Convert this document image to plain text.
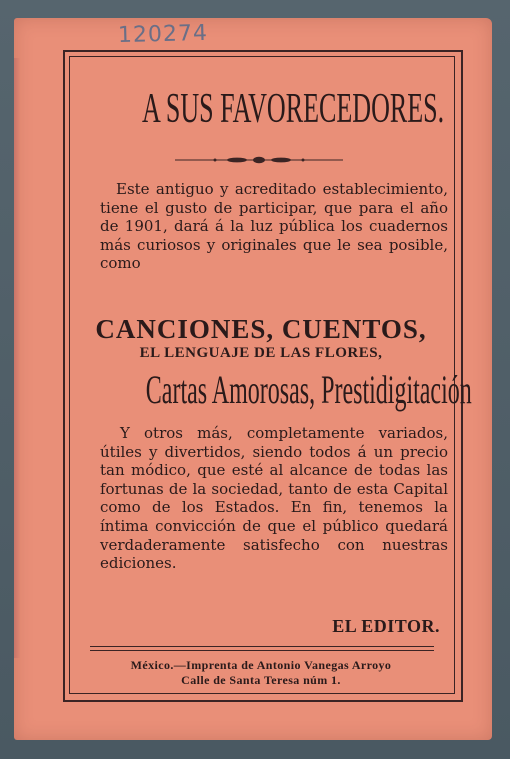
120274
A SUS FAVORECEDORES.

Este antiguo y acreditado establecimiento, tiene el gusto de participar, que para el año de 1901, dará á la luz pública los cuadernos más curiosos y originales que le sea posible, como

CANCIONES, CUENTOS,
EL LENGUAJE DE LAS FLORES,
Cartas Amorosas, Prestidigitación

Y otros más, completamente variados, útiles y divertidos, siendo todos á un precio tan módico, que esté al alcance de todas las fortunas de la sociedad, tanto de esta Capital como de los Estados. En fin, tenemos la íntima convicción de que el público quedará verdaderamente satisfecho con nuestras ediciones.

EL EDITOR.
México.—Imprenta de Antonio Vanegas Arroyo
Calle de Santa Teresa núm 1.
